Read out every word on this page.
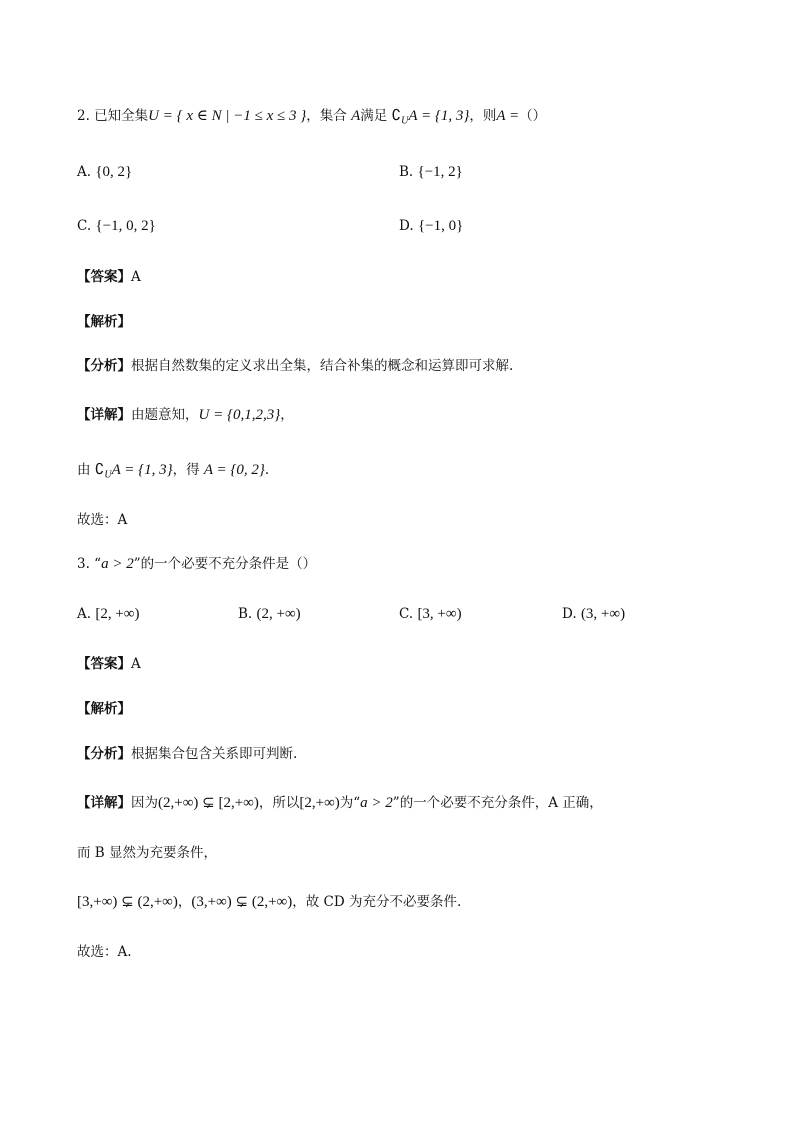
2. 已知全集U = { x ∈ N | −1 ≤ x ≤ 3 }，集合 A满足 $∁_UA = \{1$, 3}，则A =（）
A. {0, 2}	B. {−1, 2}
C. {−1, 0, 2}	D. {−1, 0}
【答案】A
【解析】
【分析】根据自然数集的定义求出全集，结合补集的概念和运算即可求解.
【详解】由题意知，U = {0,1,2,3}，
由 $∁_UA = \{1$, 3}，得 A = {0, 2}.
故选：A
3. “a > 2”的一个必要不充分条件是（）
A. [2, +∞)	B. (2, +∞)	C. [3, +∞)	D. (3, +∞)
【答案】A
【解析】
【分析】根据集合包含关系即可判断.
【详解】因为(2,+∞) ⊊ [2,+∞)，所以[2,+∞)为“a > 2”的一个必要不充分条件，A 正确，
而 B 显然为充要条件，
[3,+∞) ⊊ (2,+∞)，(3,+∞) ⊊ (2,+∞)，故 CD 为充分不必要条件.
故选：A.
